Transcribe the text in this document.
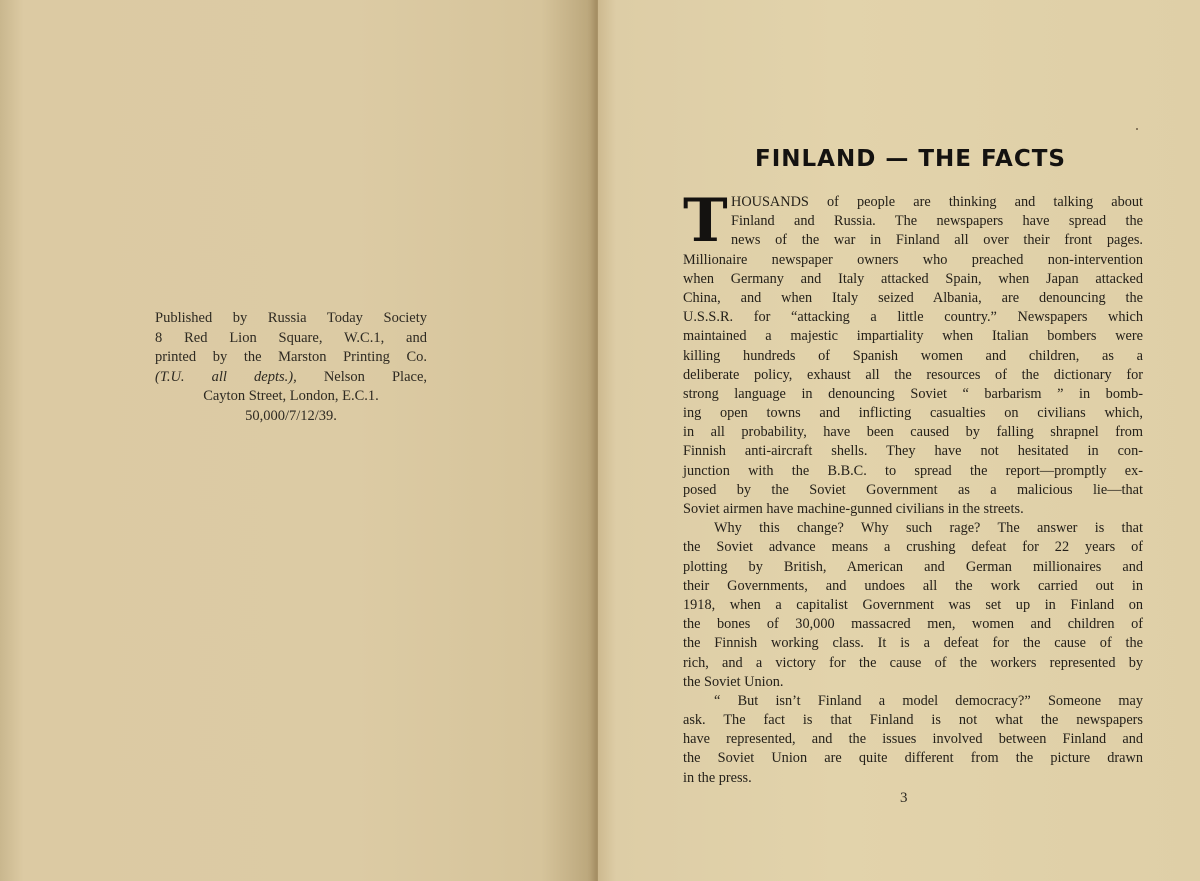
Published by Russia Today Society
8 Red Lion Square, W.C.1, and
printed by the Marston Printing Co.
(T.U. all depts.), Nelson Place,
Cayton Street, London, E.C.1.
50,000/7/12/39.
FINLAND — THE FACTS
T HOUSANDS of people are thinking and talking about
Finland and Russia. The newspapers have spread the
news of the war in Finland all over their front pages.
Millionaire newspaper owners who preached non-intervention
when Germany and Italy attacked Spain, when Japan attacked
China, and when Italy seized Albania, are denouncing the
U.S.S.R. for “attacking a little country.” Newspapers which
maintained a majestic impartiality when Italian bombers were
killing hundreds of Spanish women and children, as a
deliberate policy, exhaust all the resources of the dictionary for
strong language in denouncing Soviet “ barbarism ” in bomb-
ing open towns and inflicting casualties on civilians which,
in all probability, have been caused by falling shrapnel from
Finnish anti-aircraft shells. They have not hesitated in con-
junction with the B.B.C. to spread the report—promptly ex-
posed by the Soviet Government as a malicious lie—that
Soviet airmen have machine-gunned civilians in the streets.
Why this change? Why such rage? The answer is that
the Soviet advance means a crushing defeat for 22 years of
plotting by British, American and German millionaires and
their Governments, and undoes all the work carried out in
1918, when a capitalist Government was set up in Finland on
the bones of 30,000 massacred men, women and children of
the Finnish working class. It is a defeat for the cause of the
rich, and a victory for the cause of the workers represented by
the Soviet Union.
“ But isn’t Finland a model democracy?” Someone may
ask. The fact is that Finland is not what the newspapers
have represented, and the issues involved between Finland and
the Soviet Union are quite different from the picture drawn
in the press.
3
